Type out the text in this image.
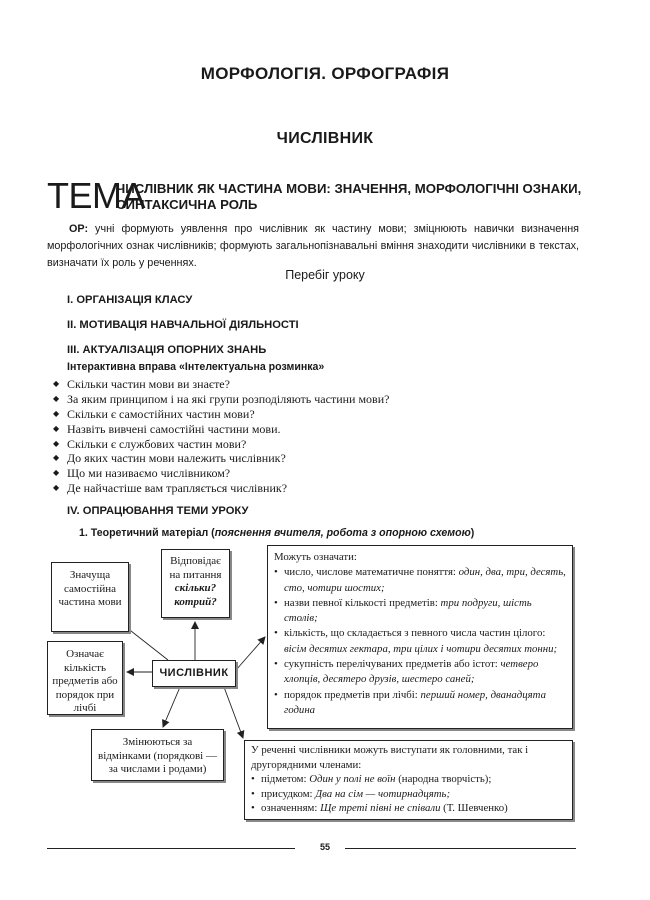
МОРФОЛОГІЯ. ОРФОГРАФІЯ
ЧИСЛІВНИК
ТЕМА
ЧИСЛІВНИК ЯК ЧАСТИНА МОВИ: ЗНАЧЕННЯ, МОРФОЛОГІЧНІ ОЗНАКИ, СИНТАКСИЧНА РОЛЬ
ОР: учні формують уявлення про числівник як частину мови; зміцнюють навички визначення морфологічних ознак числівників; формують загальнопізнавальні вміння знаходити числівники в текстах, визначати їх роль у реченнях.
Перебіг уроку
I. ОРГАНІЗАЦІЯ КЛАСУ
II. МОТИВАЦІЯ НАВЧАЛЬНОЇ ДІЯЛЬНОСТІ
III. АКТУАЛІЗАЦІЯ ОПОРНИХ ЗНАНЬ
Інтерактивна вправа «Інтелектуальна розминка»
◆ Скільки частин мови ви знаєте?
◆ За яким принципом і на які групи розподіляють частини мови?
◆ Скільки є самостійних частин мови?
◆ Назвіть вивчені самостійні частини мови.
◆ Скільки є службових частин мови?
◆ До яких частин мови належить числівник?
◆ Що ми називаємо числівником?
◆ Де найчастіше вам трапляється числівник?
IV. ОПРАЦЮВАННЯ ТЕМИ УРОКУ
1. Теоретичний матеріал (пояснення вчителя, робота з опорною схемою)
Значуща самостійна частина мови
Відповідає на питання скільки? котрий?
Означає кількість предметів або порядок при лічбі
ЧИСЛІВНИК
Змінюються за відмінками (порядкові — за числами і родами)
Можуть означати:
• число, числове математичне поняття: один, два, три, десять, сто, чотири шостих;
• назви певної кількості предметів: три подруги, шість столів;
• кількість, що складається з певного числа частин цілого: вісім десятих гектара, три цілих і чотири десятих тонни;
• сукупність перелічуваних предметів або істот: четверо хлопців, десятеро друзів, шестеро саней;
• порядок предметів при лічбі: перший номер, дванадцята година
У реченні числівники можуть виступати як головними, так і другорядними членами:
• підметом: Один у полі не воїн (народна творчість);
• присудком: Два на сім — чотирнадцять;
• означенням: Ще треті півні не співали (Т. Шевченко)
55
